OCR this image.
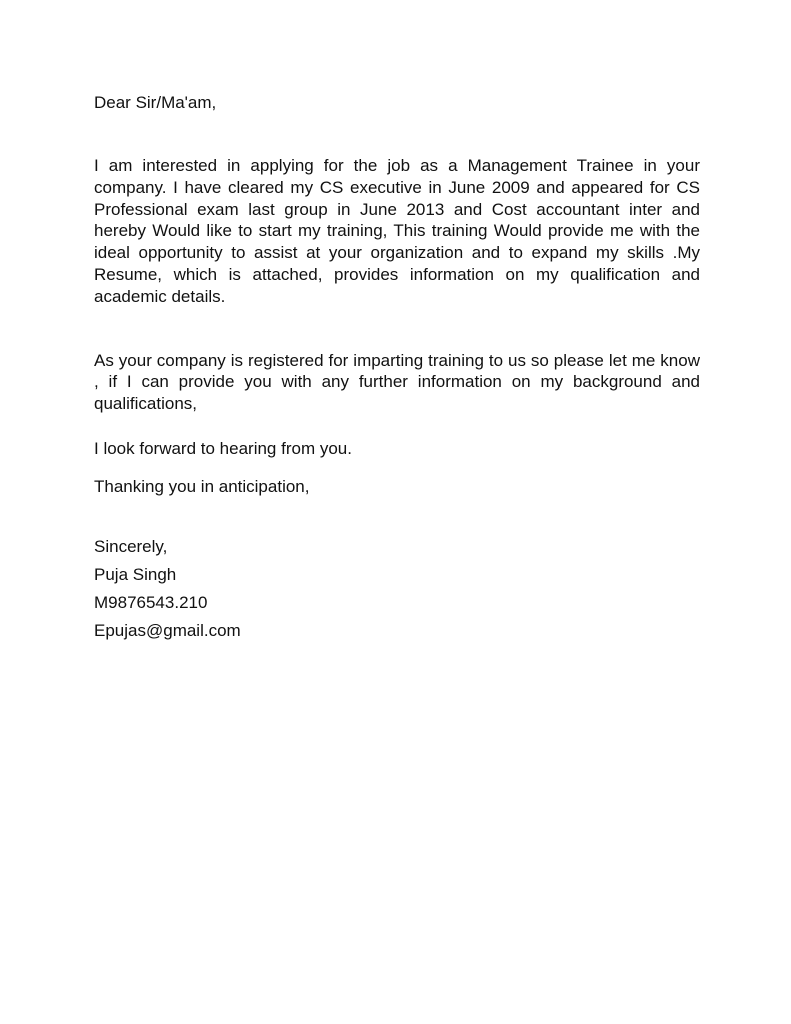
Dear Sir/Ma'am,

I am interested in applying for the job as a Management Trainee in your company. I have cleared my CS executive in June 2009 and appeared for CS Professional exam last group in June 2013 and Cost accountant inter and hereby Would like to start my training, This training Would provide me with the ideal opportunity to assist at your organization and to expand my skills .My Resume, which is attached, provides information on my qualification and academic details.

As your company is registered for imparting training to us so please let me know , if I can provide you with any further information on my background and qualifications,

I look forward to hearing from you.

Thanking you in anticipation,

Sincerely,
Puja Singh
M9876543.210
Epujas@gmail.com
